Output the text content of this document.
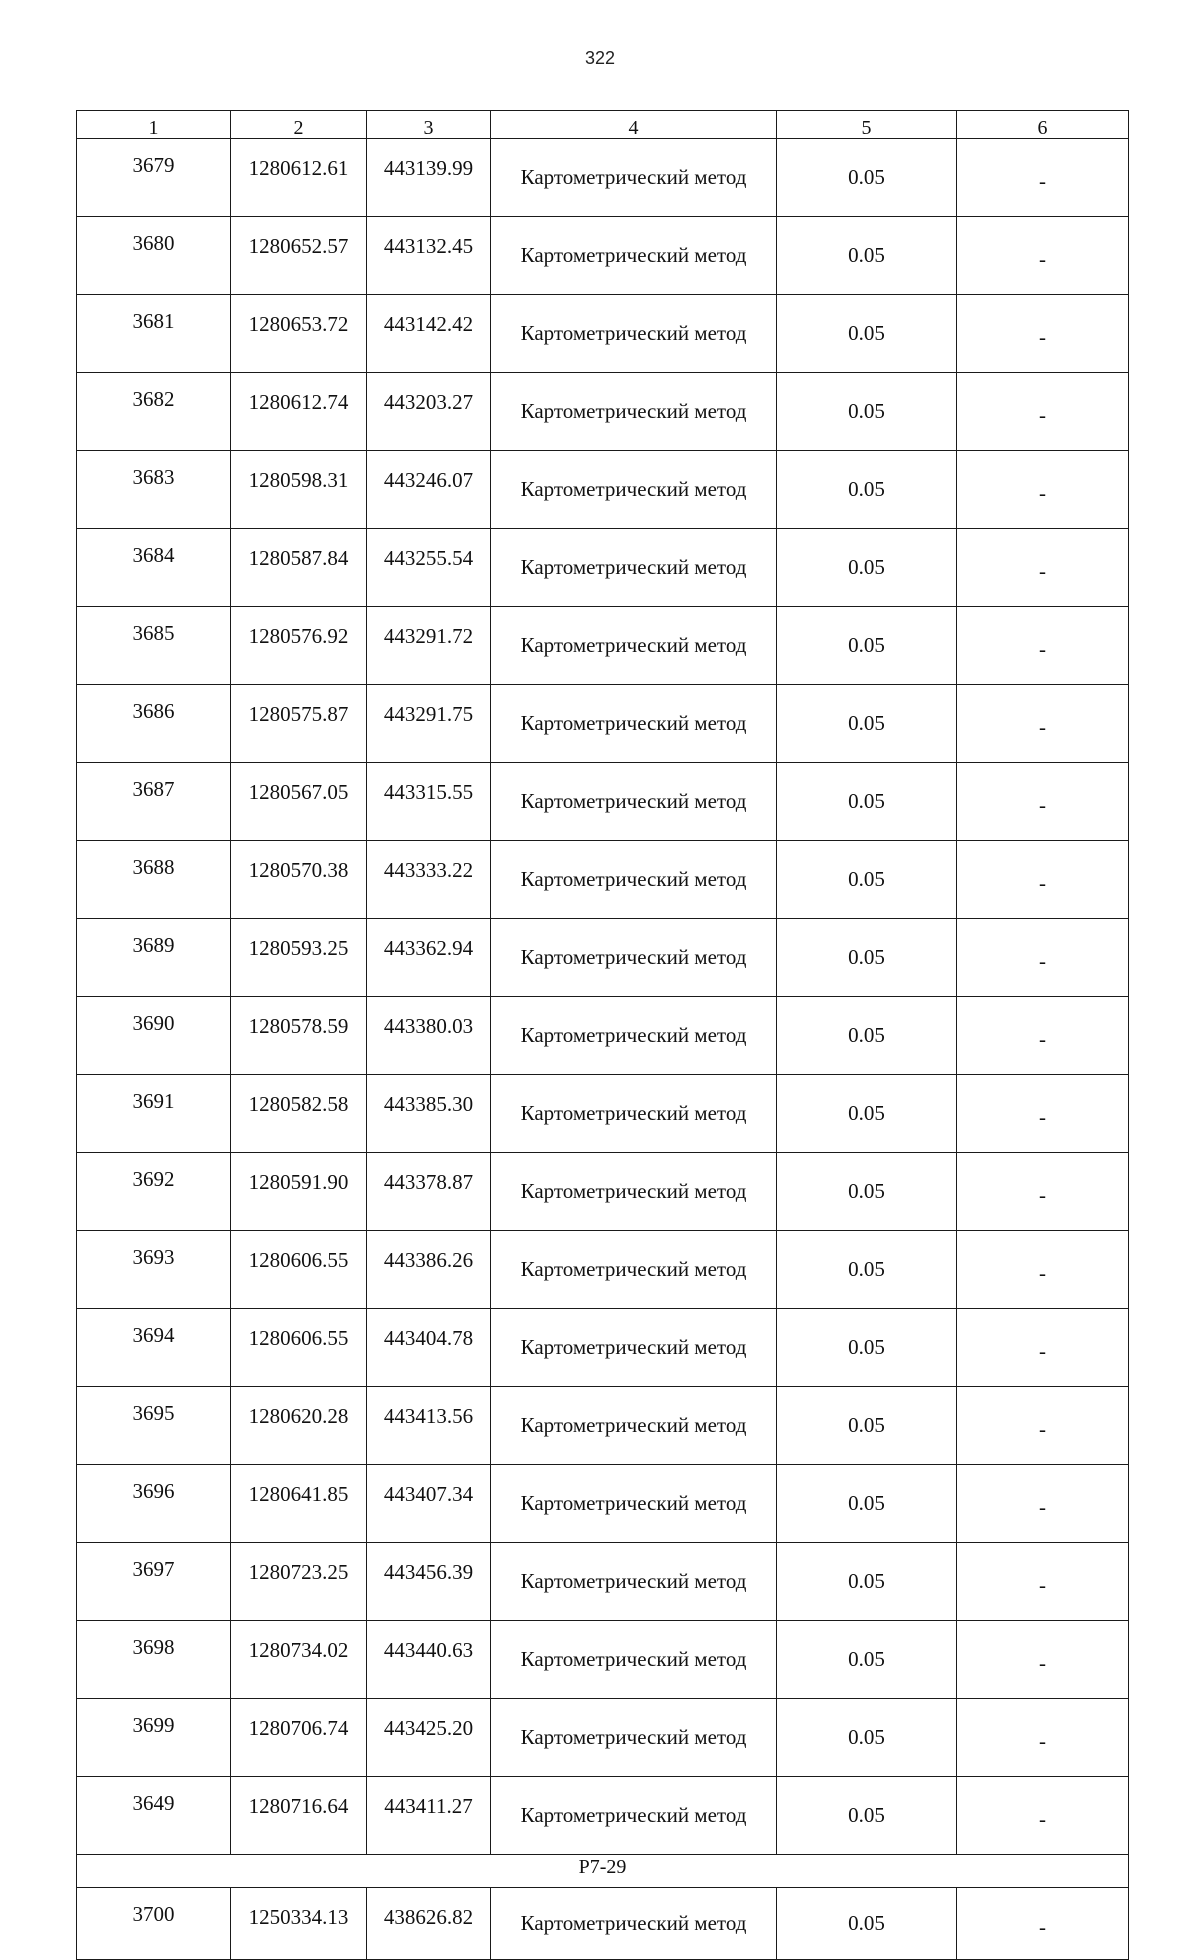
322
1	2	3	4	5	6
3679	1280612.61	443139.99	Картометрический метод	0.05	-
3680	1280652.57	443132.45	Картометрический метод	0.05	-
3681	1280653.72	443142.42	Картометрический метод	0.05	-
3682	1280612.74	443203.27	Картометрический метод	0.05	-
3683	1280598.31	443246.07	Картометрический метод	0.05	-
3684	1280587.84	443255.54	Картометрический метод	0.05	-
3685	1280576.92	443291.72	Картометрический метод	0.05	-
3686	1280575.87	443291.75	Картометрический метод	0.05	-
3687	1280567.05	443315.55	Картометрический метод	0.05	-
3688	1280570.38	443333.22	Картометрический метод	0.05	-
3689	1280593.25	443362.94	Картометрический метод	0.05	-
3690	1280578.59	443380.03	Картометрический метод	0.05	-
3691	1280582.58	443385.30	Картометрический метод	0.05	-
3692	1280591.90	443378.87	Картометрический метод	0.05	-
3693	1280606.55	443386.26	Картометрический метод	0.05	-
3694	1280606.55	443404.78	Картометрический метод	0.05	-
3695	1280620.28	443413.56	Картометрический метод	0.05	-
3696	1280641.85	443407.34	Картометрический метод	0.05	-
3697	1280723.25	443456.39	Картометрический метод	0.05	-
3698	1280734.02	443440.63	Картометрический метод	0.05	-
3699	1280706.74	443425.20	Картометрический метод	0.05	-
3649	1280716.64	443411.27	Картометрический метод	0.05	-
Р7-29					
3700	1250334.13	438626.82	Картометрический метод	0.05	-
